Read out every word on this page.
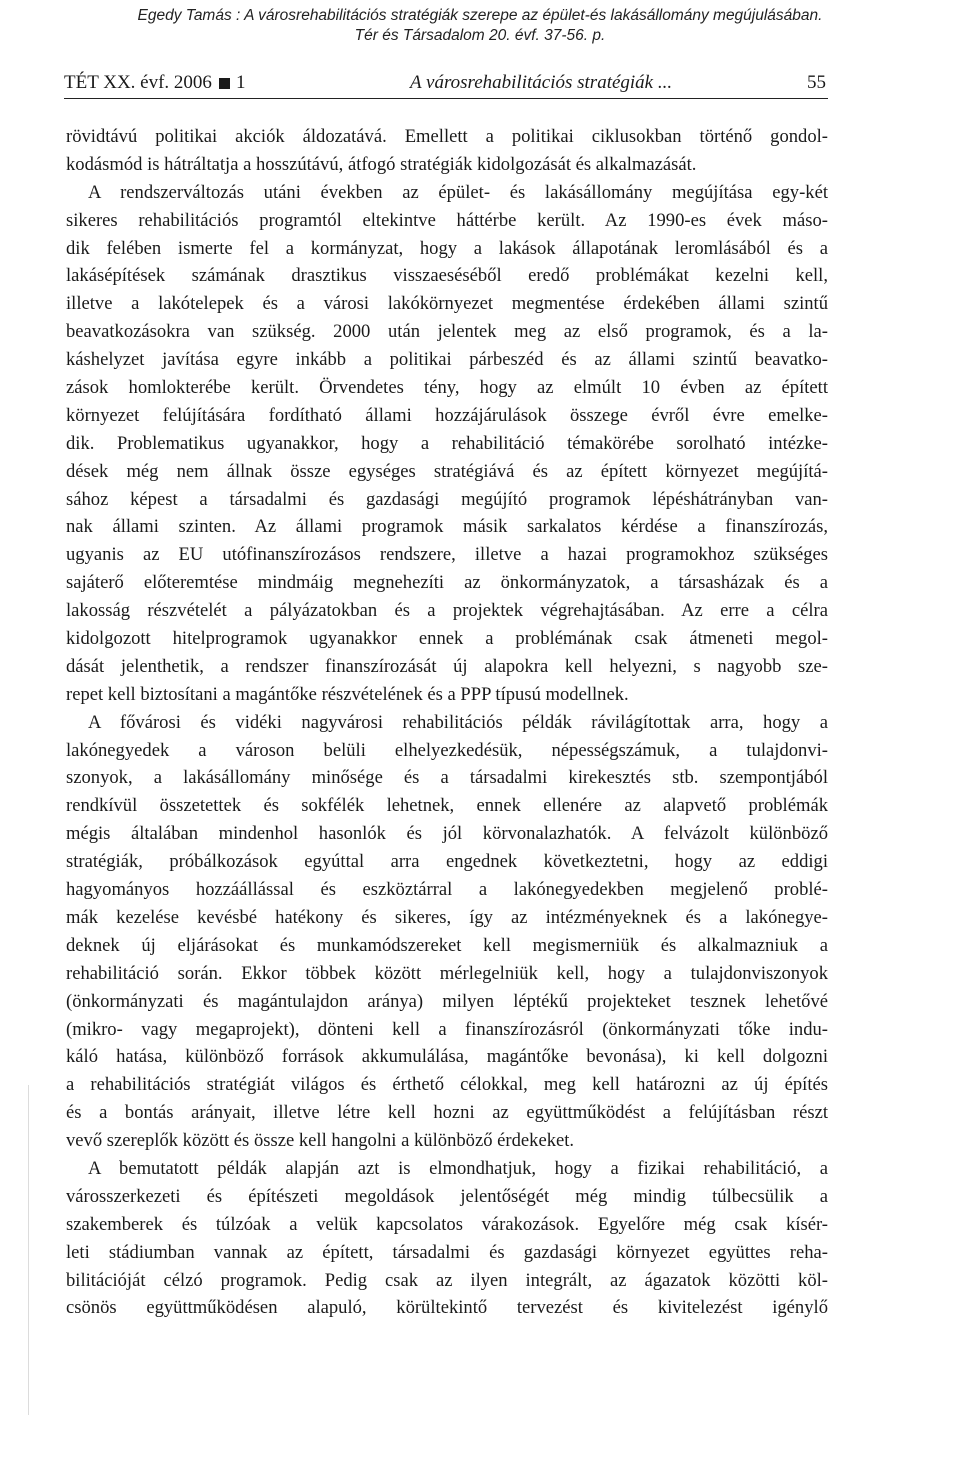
Egedy Tamás : A városrehabilitációs stratégiák szerepe az épület-és lakásállomány megújulásában.
Tér és Társadalom 20. évf. 37-56. p.
TÉT XX. évf. 2006 1	A városrehabilitációs stratégiák ...	55
rövidtávú politikai akciók áldozatává. Emellett a politikai ciklusokban történő gondol-
kodásmód is hátráltatja a hosszútávú, átfogó stratégiák kidolgozását és alkalmazását.
A rendszerváltozás utáni években az épület- és lakásállomány megújítása egy-két
sikeres rehabilitációs programtól eltekintve háttérbe került. Az 1990-es évek máso-
dik felében ismerte fel a kormányzat, hogy a lakások állapotának leromlásából és a
lakásépítések számának drasztikus visszaeséséből eredő problémákat kezelni kell,
illetve a lakótelepek és a városi lakókörnyezet megmentése érdekében állami szintű
beavatkozásokra van szükség. 2000 után jelentek meg az első programok, és a la-
káshelyzet javítása egyre inkább a politikai párbeszéd és az állami szintű beavatko-
zások homlokterébe került. Örvendetes tény, hogy az elmúlt 10 évben az épített
környezet felújítására fordítható állami hozzájárulások összege évről évre emelke-
dik. Problematikus ugyanakkor, hogy a rehabilitáció témakörébe sorolható intézke-
dések még nem állnak össze egységes stratégiává és az épített környezet megújítá-
sához képest a társadalmi és gazdasági megújító programok lépéshátrányban van-
nak állami szinten. Az állami programok másik sarkalatos kérdése a finanszírozás,
ugyanis az EU utófinanszírozásos rendszere, illetve a hazai programokhoz szükséges
sajáterő előteremtése mindmáig megnehezíti az önkormányzatok, a társasházak és a
lakosság részvételét a pályázatokban és a projektek végrehajtásában. Az erre a célra
kidolgozott hitelprogramok ugyanakkor ennek a problémának csak átmeneti megol-
dását jelenthetik, a rendszer finanszírozását új alapokra kell helyezni, s nagyobb sze-
repet kell biztosítani a magántőke részvételének és a PPP típusú modellnek.
A fővárosi és vidéki nagyvárosi rehabilitációs példák rávilágítottak arra, hogy a
lakónegyedek a városon belüli elhelyezkedésük, népességszámuk, a tulajdonvi-
szonyok, a lakásállomány minősége és a társadalmi kirekesztés stb. szempontjából
rendkívül összetettek és sokfélék lehetnek, ennek ellenére az alapvető problémák
mégis általában mindenhol hasonlók és jól körvonalazhatók. A felvázolt különböző
stratégiák, próbálkozások egyúttal arra engednek következtetni, hogy az eddigi
hagyományos hozzáállással és eszköztárral a lakónegyedekben megjelenő problé-
mák kezelése kevésbé hatékony és sikeres, így az intézményeknek és a lakónegye-
deknek új eljárásokat és munkamódszereket kell megismerniük és alkalmazniuk a
rehabilitáció során. Ekkor többek között mérlegelniük kell, hogy a tulajdonviszonyok
(önkormányzati és magántulajdon aránya) milyen léptékű projekteket tesznek lehetővé
(mikro- vagy megaprojekt), dönteni kell a finanszírozásról (önkormányzati tőke indu-
káló hatása, különböző források akkumulálása, magántőke bevonása), ki kell dolgozni
a rehabilitációs stratégiát világos és érthető célokkal, meg kell határozni az új építés
és a bontás arányait, illetve létre kell hozni az együttműködést a felújításban részt
vevő szereplők között és össze kell hangolni a különböző érdekeket.
A bemutatott példák alapján azt is elmondhatjuk, hogy a fizikai rehabilitáció, a
városszerkezeti és építészeti megoldások jelentőségét még mindig túlbecsülik a
szakemberek és túlzóak a velük kapcsolatos várakozások. Egyelőre még csak kísér-
leti stádiumban vannak az épített, társadalmi és gazdasági környezet együttes reha-
bilitációját célzó programok. Pedig csak az ilyen integrált, az ágazatok közötti köl-
csönös együttműködésen alapuló, körültekintő tervezést és kivitelezést igénylő
